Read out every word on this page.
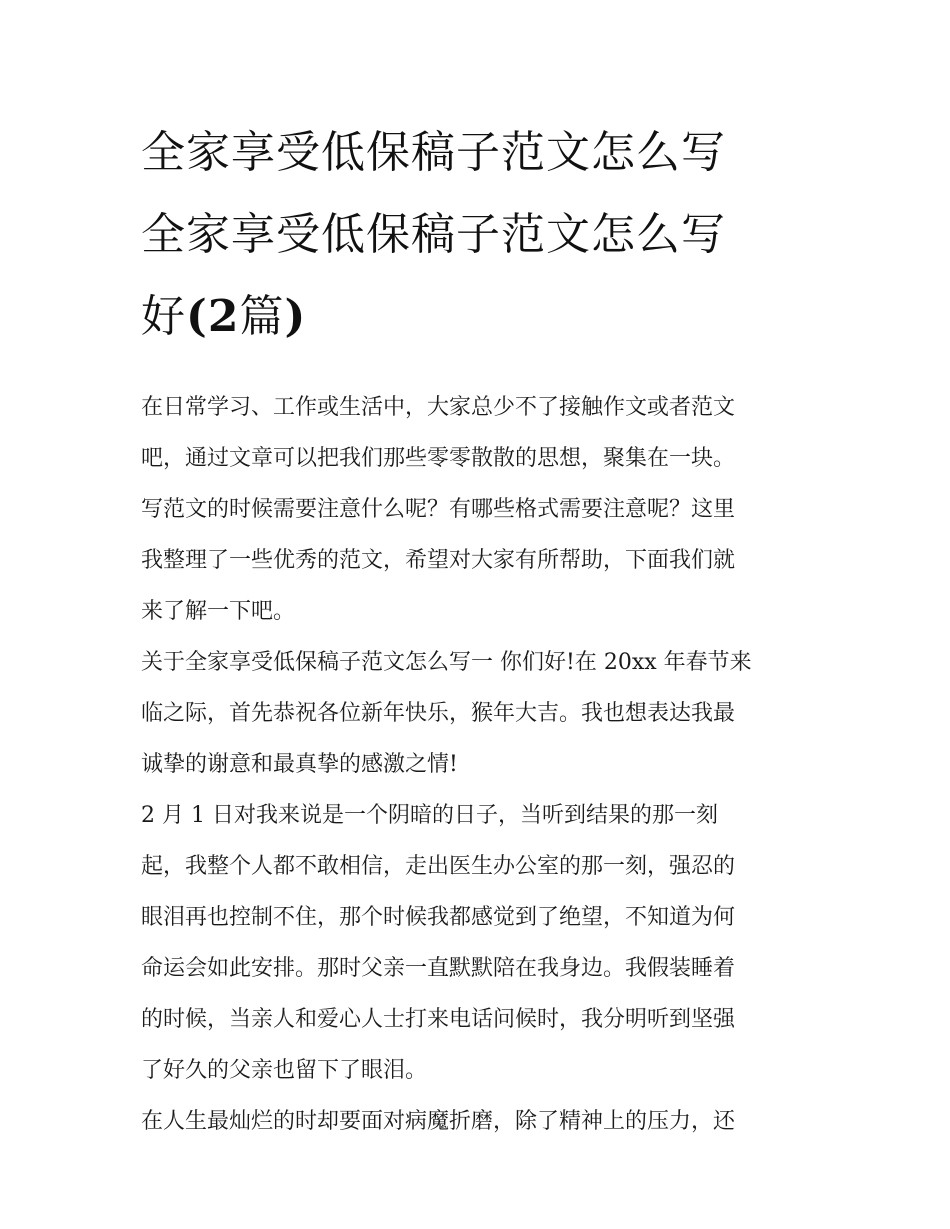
全家享受低保稿子范文怎么写
全家享受低保稿子范文怎么写
好(2篇)

在日常学习、工作或生活中，大家总少不了接触作文或者范文
吧，通过文章可以把我们那些零零散散的思想，聚集在一块。
写范文的时候需要注意什么呢？有哪些格式需要注意呢？这里
我整理了一些优秀的范文，希望对大家有所帮助，下面我们就
来了解一下吧。

关于全家享受低保稿子范文怎么写一 你们好!在 20xx 年春节来
临之际，首先恭祝各位新年快乐，猴年大吉。我也想表达我最
诚挚的谢意和最真挚的感激之情!

2 月 1 日对我来说是一个阴暗的日子，当听到结果的那一刻
起，我整个人都不敢相信，走出医生办公室的那一刻，强忍的
眼泪再也控制不住，那个时候我都感觉到了绝望，不知道为何
命运会如此安排。那时父亲一直默默陪在我身边。我假装睡着
的时候，当亲人和爱心人士打来电话问候时，我分明听到坚强
了好久的父亲也留下了眼泪。

在人生最灿烂的时却要面对病魔折磨，除了精神上的压力，还
